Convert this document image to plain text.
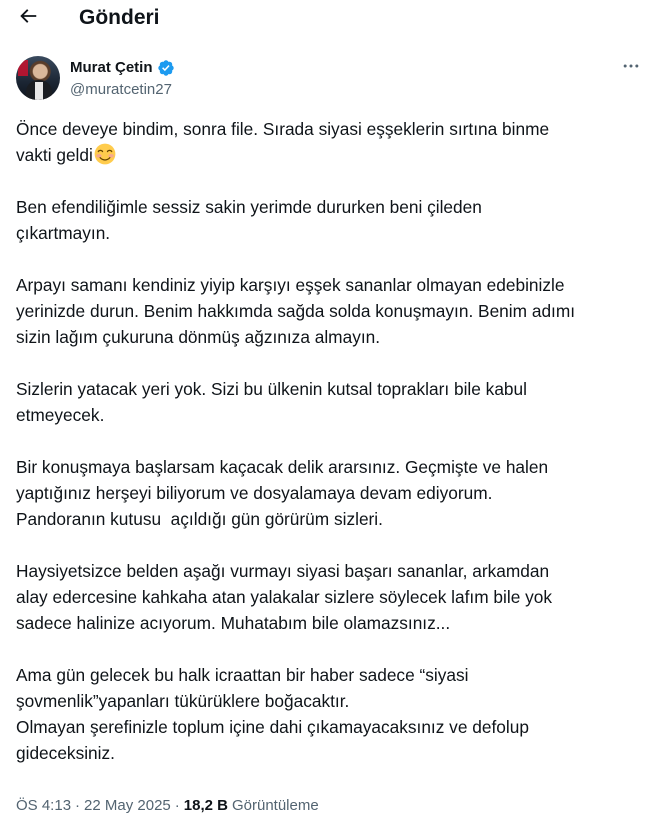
Gönderi
Murat Çetin
@muratcetin27

Önce deveye bindim, sonra file. Sırada siyasi eşşeklerin sırtına binme
vakti geldi

Ben efendiliğimle sessiz sakin yerimde dururken beni çileden
çıkartmayın.

Arpayı samanı kendiniz yiyip karşıyı eşşek sananlar olmayan edebinizle
yerinizde durun. Benim hakkımda sağda solda konuşmayın. Benim adımı
sizin lağım çukuruna dönmüş ağzınıza almayın.

Sizlerin yatacak yeri yok. Sizi bu ülkenin kutsal toprakları bile kabul
etmeyecek.

Bir konuşmaya başlarsam kaçacak delik ararsınız. Geçmişte ve halen
yaptığınız herşeyi biliyorum ve dosyalamaya devam ediyorum.
Pandoranın kutusu  açıldığı gün görürüm sizleri.

Haysiyetsizce belden aşağı vurmayı siyasi başarı sananlar, arkamdan
alay edercesine kahkaha atan yalakalar sizlere söylecek lafım bile yok
sadece halinize acıyorum. Muhatabım bile olamazsınız...

Ama gün gelecek bu halk icraattan bir haber sadece “siyasi
şovmenlik”yapanları tükürüklere boğacaktır.
Olmayan şerefinizle toplum içine dahi çıkamayacaksınız ve defolup
gideceksiniz.

ÖS 4:13 · 22 May 2025 · 18,2 B Görüntüleme
